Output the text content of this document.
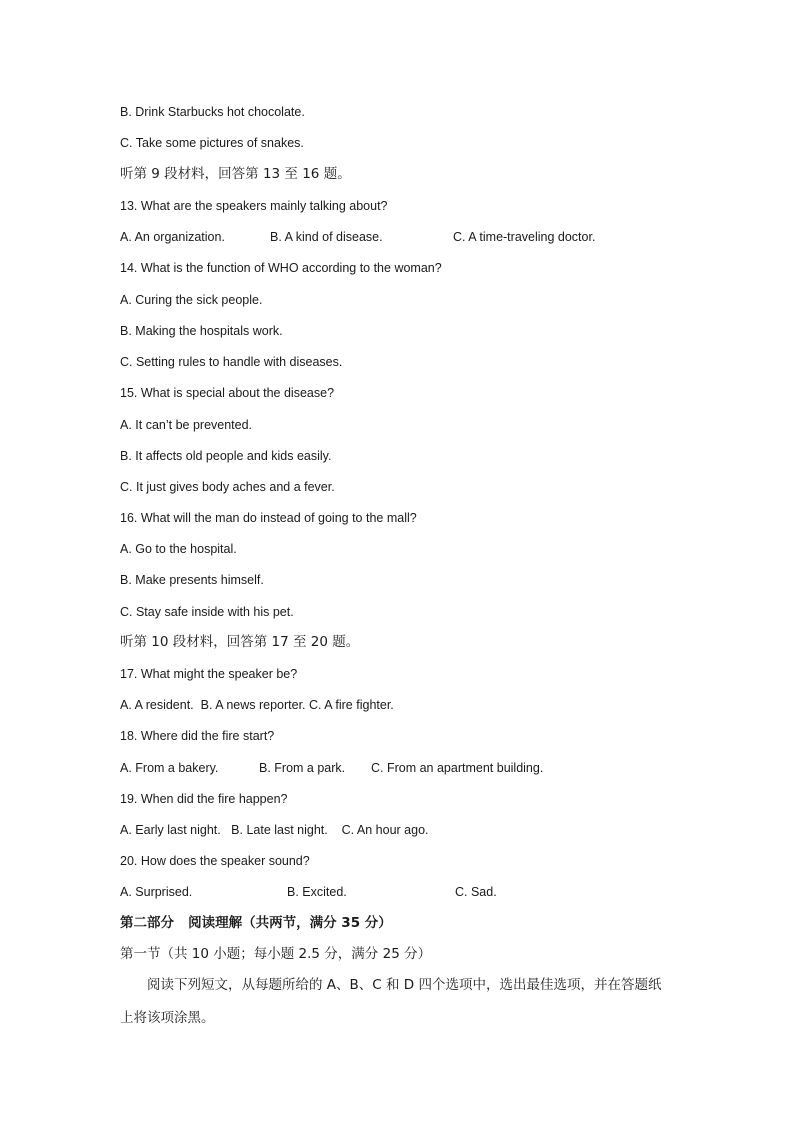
B. Drink Starbucks hot chocolate.
C. Take some pictures of snakes.
听第 9 段材料，回答第 13 至 16 题。
13. What are the speakers mainly talking about?
A. An organization.	B. A kind of disease.	C. A time-traveling doctor.
14. What is the function of WHO according to the woman?
A. Curing the sick people.
B. Making the hospitals work.
C. Setting rules to handle with diseases.
15. What is special about the disease?
A. It can’t be prevented.
B. It affects old people and kids easily.
C. It just gives body aches and a fever.
16. What will the man do instead of going to the mall?
A. Go to the hospital.
B. Make presents himself.
C. Stay safe inside with his pet.
听第 10 段材料，回答第 17 至 20 题。
17. What might the speaker be?
A. A resident.  B. A news reporter. C. A fire fighter.
18. Where did the fire start?
A. From a bakery.	B. From a park. C. From an apartment building.
19. When did the fire happen?
A. Early last night.   B. Late last night.    C. An hour ago.
20. How does the speaker sound?
A. Surprised.	B. Excited.	C. Sad.
第二部分   阅读理解（共两节，满分 35 分）
第一节（共 10 小题；每小题 2.5 分，满分 25 分）
阅读下列短文，从每题所给的 A、B、C 和 D 四个选项中，选出最佳选项，并在答题纸
上将该项涂黑。
